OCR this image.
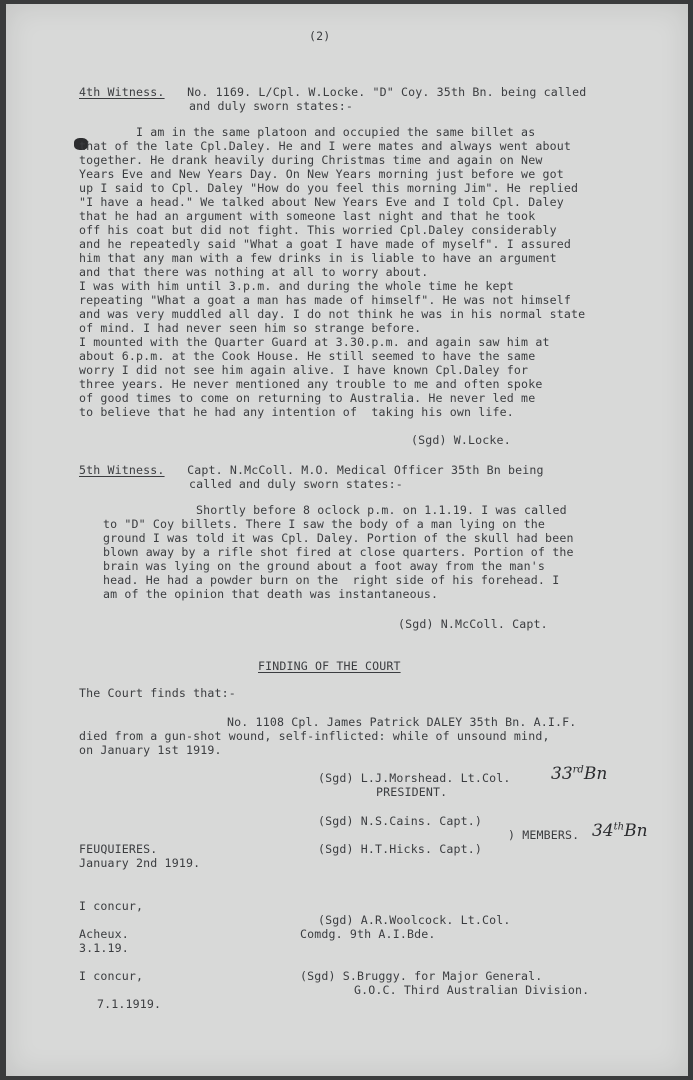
(2)
4th Witness. No. 1169. L/Cpl. W.Locke. "D" Coy. 35th Bn. being called
and duly sworn states:-
I am in the same platoon and occupied the same billet as
that of the late Cpl.Daley. He and I were mates and always went about
together. He drank heavily during Christmas time and again on New
Years Eve and New Years Day. On New Years morning just before we got
up I said to Cpl. Daley "How do you feel this morning Jim". He replied
"I have a head." We talked about New Years Eve and I told Cpl. Daley
that he had an argument with someone last night and that he took
off his coat but did not fight. This worried Cpl.Daley considerably
and he repeatedly said "What a goat I have made of myself". I assured
him that any man with a few drinks in is liable to have an argument
and that there was nothing at all to worry about.
I was with him until 3.p.m. and during the whole time he kept
repeating "What a goat a man has made of himself". He was not himself
and was very muddled all day. I do not think he was in his normal state
of mind. I had never seen him so strange before.
I mounted with the Quarter Guard at 3.30.p.m. and again saw him at
about 6.p.m. at the Cook House. He still seemed to have the same
worry I did not see him again alive. I have known Cpl.Daley for
three years. He never mentioned any trouble to me and often spoke
of good times to come on returning to Australia. He never led me
to believe that he had any intention of  taking his own life.
(Sgd) W.Locke.
5th Witness. Capt. N.McColl. M.O. Medical Officer 35th Bn being
called and duly sworn states:-
Shortly before 8 oclock p.m. on 1.1.19. I was called
to "D" Coy billets. There I saw the body of a man lying on the
ground I was told it was Cpl. Daley. Portion of the skull had been
blown away by a rifle shot fired at close quarters. Portion of the
brain was lying on the ground about a foot away from the man's
head. He had a powder burn on the  right side of his forehead. I
am of the opinion that death was instantaneous.
(Sgd) N.McColl. Capt.
FINDING OF THE COURT
The Court finds that:-
No. 1108 Cpl. James Patrick DALEY 35th Bn. A.I.F.
died from a gun-shot wound, self-inflicted: while of unsound mind,
on January 1st 1919.
(Sgd) L.J.Morshead. Lt.Col. 33rdBn
PRESIDENT.
(Sgd) N.S.Cains. Capt.)
) MEMBERS. 34thBn
(Sgd) H.T.Hicks. Capt.)
FEUQUIERES.
January 2nd 1919.
I concur,
Acheux.
3.1.19.
(Sgd) A.R.Woolcock. Lt.Col.
Comdg. 9th A.I.Bde.
I concur,
7.1.1919.
(Sgd) S.Bruggy. for Major General.
G.O.C. Third Australian Division.
